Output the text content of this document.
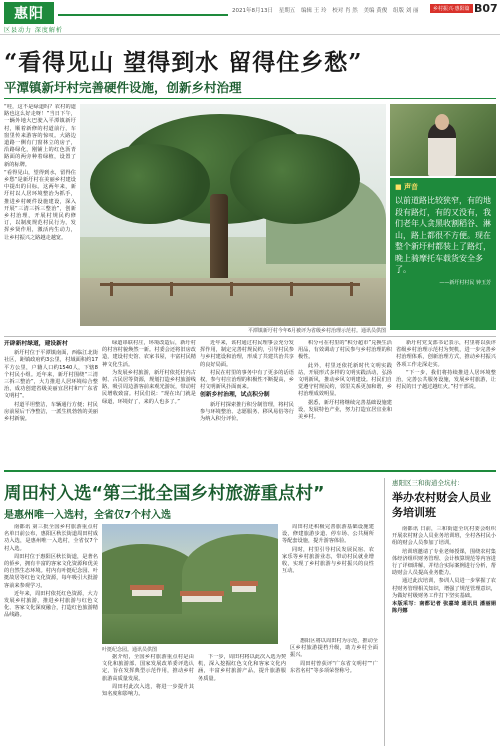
惠阳
区县动力 深度解析
2021年8月13日 星期五 编辑 王 玲 校对 肖 然 美编 黄俊 组版 刘 丽	乡村振兴·惠阳篇 B07
“看得见山 望得到水 留得住乡愁”
平潭镇新圩村完善硬件设施，创新乡村治理

“哇，这不是绿道吗？农村的道路也这么好走呀！”当日下午，一辆外地大巴驶入平潭镇新圩村，顺着新修的村道前行，车窗里传来游客的惊叹。大路边道路一侧有门窗林立的房子，沿路绿化，刚铺上的红色沥青路面的两旁种着绿植，设置了新的标牌。

“看得见山，望得到水，留得住乡愁”是新圩村在美丽乡村建设中提出的目标。这两年来，新圩村以人居环境整治为抓手，推进乡村硬件设施建设，深入开展“三清三拆三整治”，创新乡村治理，开展村规民约修订，以制度规范村民行为，发挥乡贤作用，激活内生动力，让乡村振兴之路越走越宽。

平潭镇新圩村今年6月被评为省级乡村治理示范村。通讯员供图
■ 声音
以前道路比较狭窄，有的地段有路灯，有的又没有，我们老年人贪黑收割稻谷、淋山，路上都很不方便。现在整个新圩村都装上了路灯，晚上骑摩托车载货安全多了。
——新圩村村民 钟玉芳
开辟新村绿道，建设新村

新圩村位于平潭镇南面，西临江北街社区，距镇政府约3公里，村域面积约17平方公里，户籍人口约1540人，下辖8个村民小组。近年来，新圩村围绕“三清三拆三整治”，大力推进人居环境综合整治，成功创建省级美丽宜居村和“广东省文明村”。

村道平坦整洁，车辆通行方便；村民房前屋后干净整洁，一派生机勃勃的美丽乡村新貌。

绿道串联村庄，环境改造后，新圩村的村容村貌焕然一新。村委会还将旧房改造，建设村史馆、农家书屋，丰富村民精神文化生活。

为发展乡村旅游，新圩村依托村内古树、古民居等资源，规划打造乡村旅游线路，吸引周边游客前来观光游玩，带动村民增收致富。村民们说：“现在出门就是绿道，环境好了，来的人也多了。”

近年来，该村通过村民理事会充分发挥作用，制定完善村规民约，引导村民参与乡村建设和治理，形成了共建共治共享的良好局面。

村民在村里的事务中有了更多的话语权，参与村庄治理的积极性不断提高，乡村文明新风扑面而来。

创新乡村治理，试点积分制

新圩村探索推行积分制管理，将村民参与环境整治、志愿服务、移风易俗等行为纳入积分评价。

积分可在村里的“积分超市”兑换生活用品，有效调动了村民参与乡村治理的积极性。

此外，村里还依托新时代文明实践站，开展形式多样的文明实践活动，弘扬文明新风，推动乡风文明建设。村民们自觉遵守村规民约，邻里关系更加和谐，乡村治理成效明显。

据悉，新圩村将继续完善基础设施建设，发展特色产业，努力打造宜居宜业和美乡村。

新圩村党支部书记表示，村里将以获评省级乡村治理示范村为契机，进一步完善乡村治理体系，创新治理方式，推动乡村振兴各项工作走深走实。

“下一步，我们将持续推进人居环境整治，完善公共服务设施，发展乡村旅游，让村民的日子越过越红火。”村干部说。

周田村入选“第三批全国乡村旅游重点村”
是惠州唯一入选村，全省仅7个村入选

南都讯 第三批全国乡村旅游重点村名单日前公布，惠阳区秋长街道周田村成功入选，是惠州唯一入选村，全省仅7个村入选。

周田村位于惠阳区秋长街道，是著名的侨乡，拥有丰富的客家文化资源和优美的自然生态环境。村内有叶挺纪念园、叶挺故居等红色文化资源，每年吸引大批游客前来参观学习。

近年来，周田村依托红色资源，大力发展乡村旅游，推进乡村旅游与红色文化、客家文化深度融合，打造红色旅游精品线路。

叶挺纪念园。通讯员供图

周田村还积极完善旅游基础设施建设，修建旅游步道、停车场、公共厕所等配套设施，提升游客体验。

同时，村里引导村民发展民宿、农家乐等乡村旅游业态，带动村民就业增收，实现了乡村旅游与乡村振兴的良性互动。

据介绍，全国乡村旅游重点村是由文化和旅游部、国家发展改革委评选认定，旨在发挥典型示范作用，推动乡村旅游高质量发展。

周田村此次入选，将进一步提升其知名度和影响力。

下一步，周田村将以此次入选为契机，深入挖掘红色文化和客家文化内涵，丰富乡村旅游产品，提升旅游服务质量。

惠阳区将以周田村为示范，推动全区乡村旅游提档升级，助力乡村全面振兴。

周田村曾获评“广东省文明村”“广东省名村”等多项荣誉称号。

惠阳区三和街道全坑村：
举办农村财会人员业务培训班

南都讯 日前，三和街道全坑村委会组织开展农村财会人员业务培训班，全村各村民小组的财会人员参加了培训。

培训班邀请了专业老师授课，围绕农村集体经济组织财务管理、会计核算规范等内容进行了详细讲解，并结合实际案例进行分析，帮助财会人员提高业务能力。

通过此次培训，参训人员进一步掌握了农村财务管理相关知识，增强了规范管理意识，为做好村级财务工作打下坚实基础。

本版采写：南都记者 张嘉琦 通讯员 潘丽娟 陈丹娜
